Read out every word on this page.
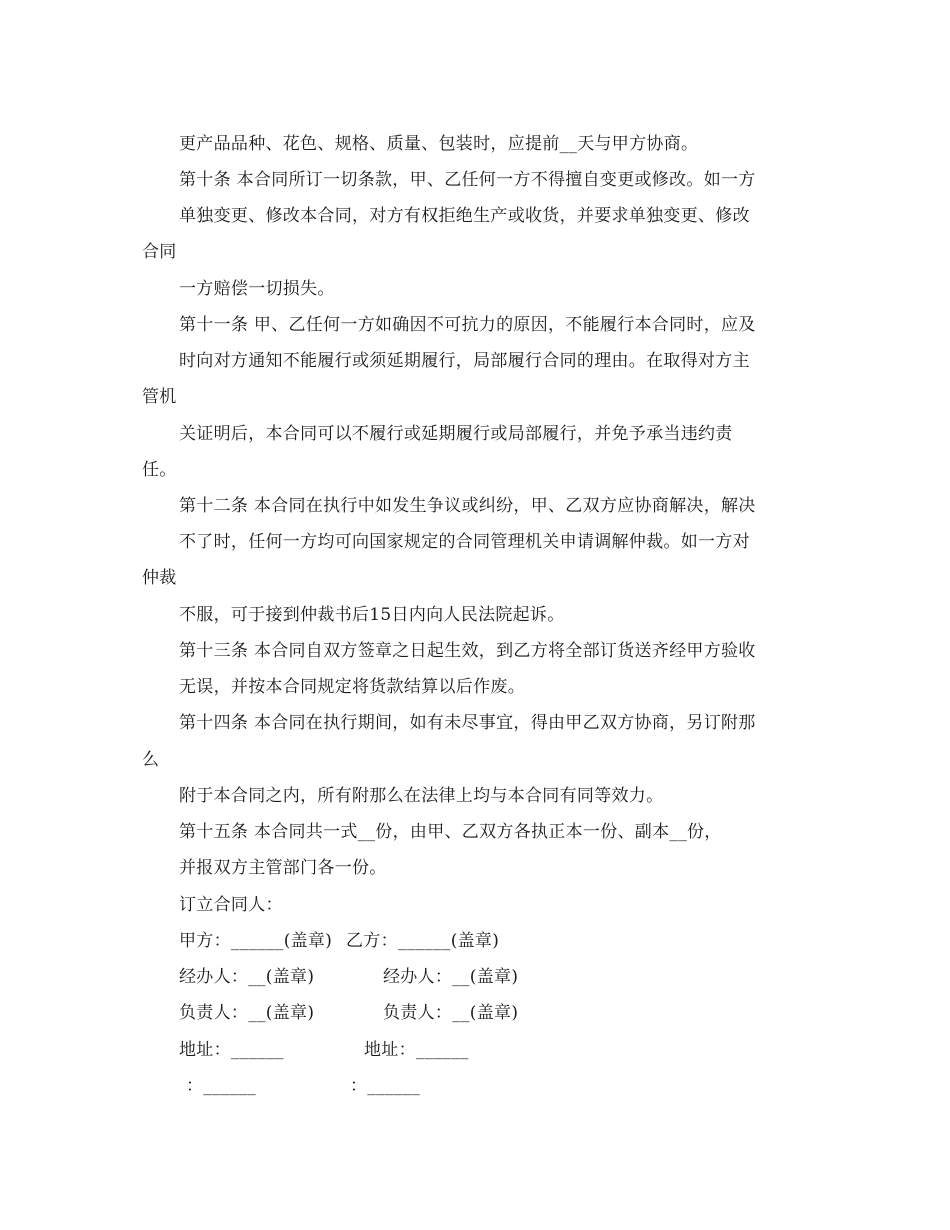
更产品品种、花色、规格、质量、包装时，应提前__天与甲方协商。
第十条 本合同所订一切条款，甲、乙任何一方不得擅自变更或修改。如一方
单独变更、修改本合同，对方有权拒绝生产或收货，并要求单独变更、修改
合同
一方赔偿一切损失。
第十一条 甲、乙任何一方如确因不可抗力的原因，不能履行本合同时，应及
时向对方通知不能履行或须延期履行，局部履行合同的理由。在取得对方主
管机
关证明后，本合同可以不履行或延期履行或局部履行，并免予承当违约责
任。
第十二条 本合同在执行中如发生争议或纠纷，甲、乙双方应协商解决，解决
不了时，任何一方均可向国家规定的合同管理机关申请调解仲裁。如一方对
仲裁
不服，可于接到仲裁书后15日内向人民法院起诉。
第十三条 本合同自双方签章之日起生效，到乙方将全部订货送齐经甲方验收
无误，并按本合同规定将货款结算以后作废。
第十四条 本合同在执行期间，如有未尽事宜，得由甲乙双方协商，另订附那
么
附于本合同之内，所有附那么在法律上均与本合同有同等效力。
第十五条 本合同共一式__份，由甲、乙双方各执正本一份、副本__份，
并报双方主管部门各一份。
订立合同人：
甲方：______(盖章) 乙方：______(盖章)
经办人：__(盖章)	经办人：__(盖章)
负责人：__(盖章)	负责人：__(盖章)
地址：______	地址：______
：______	：______
